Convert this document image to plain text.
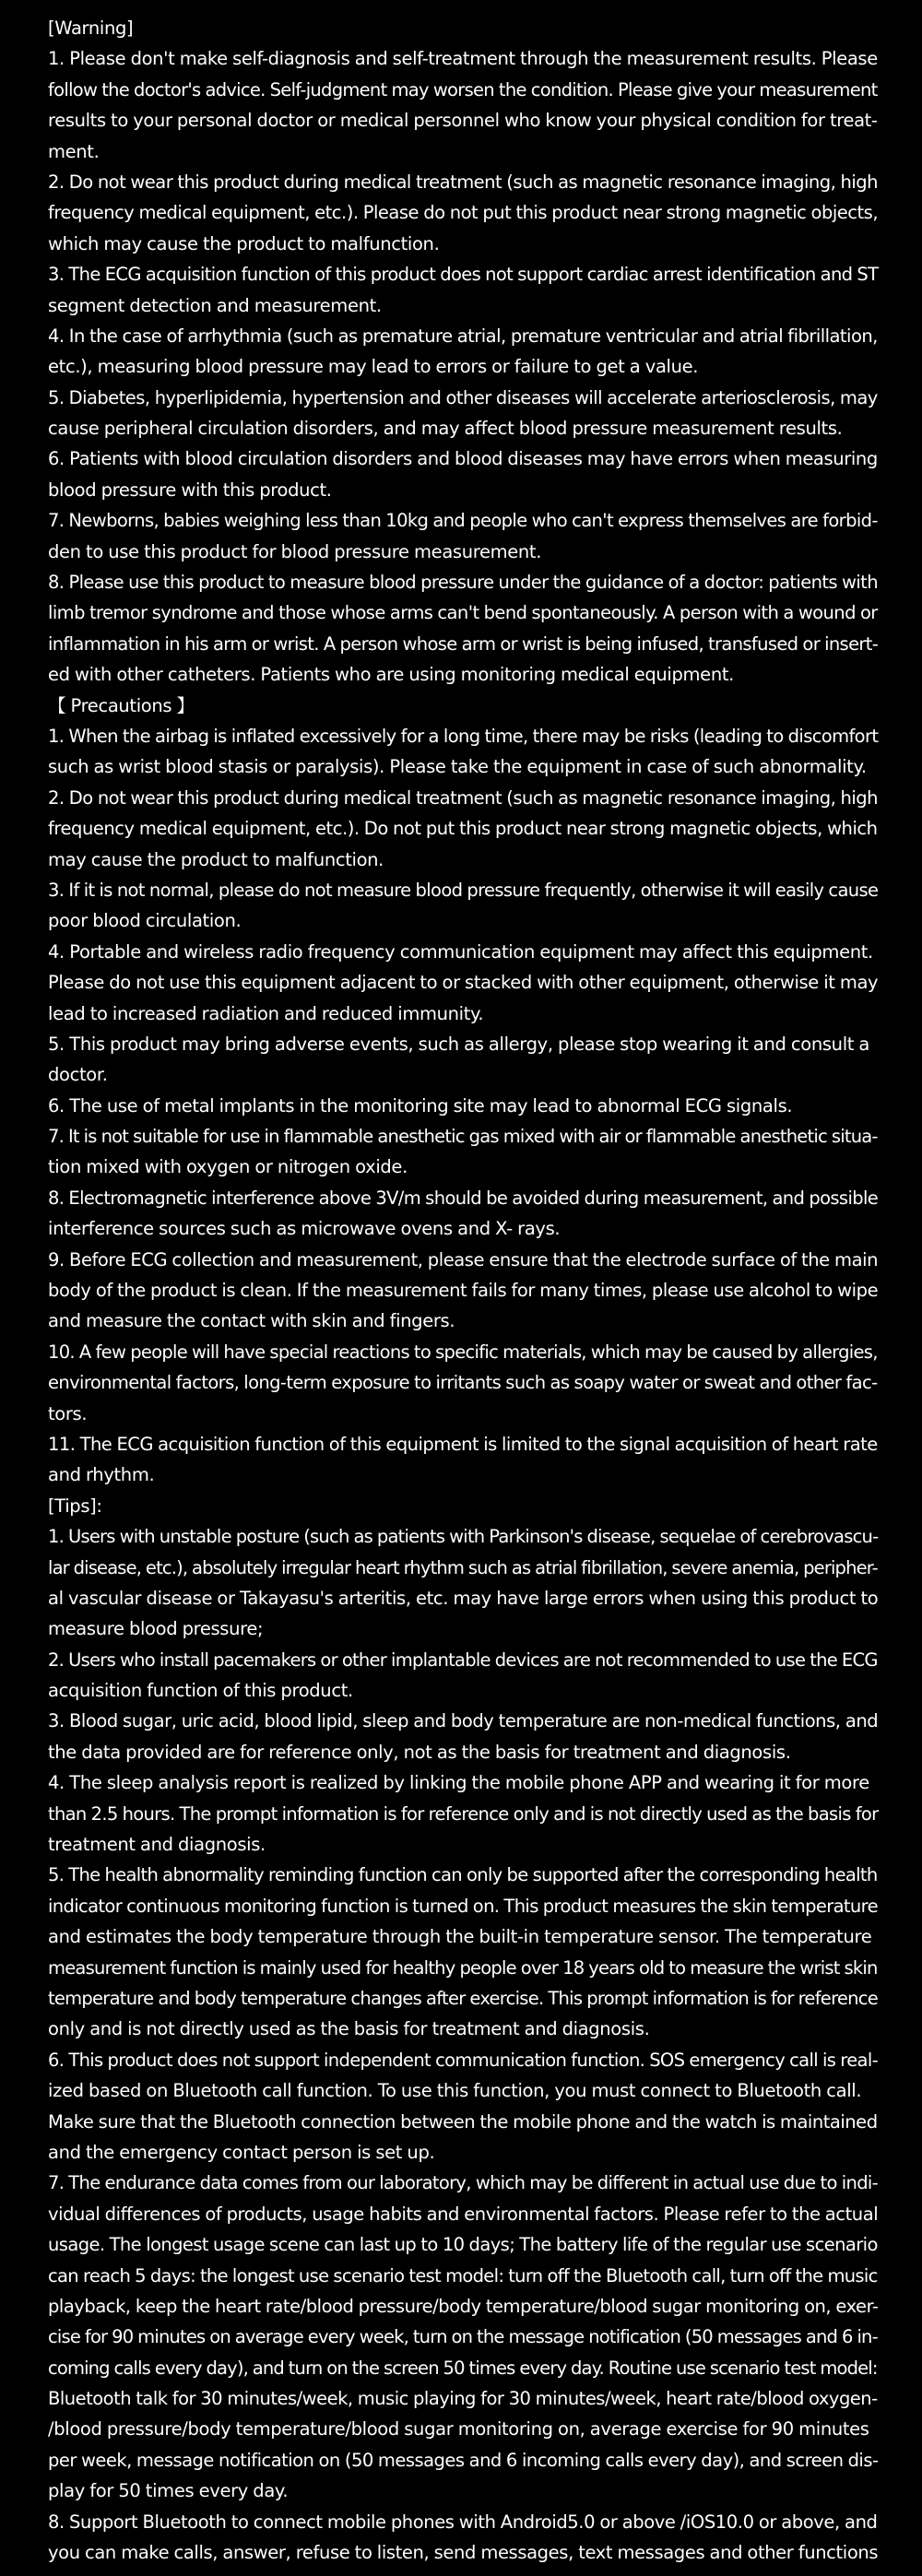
[Warning]
1. Please don't make self-diagnosis and self-treatment through the measurement results. Please
follow the doctor's advice. Self-judgment may worsen the condition. Please give your measurement
results to your personal doctor or medical personnel who know your physical condition for treat-
ment.
2. Do not wear this product during medical treatment (such as magnetic resonance imaging, high
frequency medical equipment, etc.). Please do not put this product near strong magnetic objects,
which may cause the product to malfunction.
3. The ECG acquisition function of this product does not support cardiac arrest identification and ST
segment detection and measurement.
4. In the case of arrhythmia (such as premature atrial, premature ventricular and atrial fibrillation,
etc.), measuring blood pressure may lead to errors or failure to get a value.
5. Diabetes, hyperlipidemia, hypertension and other diseases will accelerate arteriosclerosis, may
cause peripheral circulation disorders, and may affect blood pressure measurement results.
6. Patients with blood circulation disorders and blood diseases may have errors when measuring
blood pressure with this product.
7. Newborns, babies weighing less than 10kg and people who can't express themselves are forbid-
den to use this product for blood pressure measurement.
8. Please use this product to measure blood pressure under the guidance of a doctor: patients with
limb tremor syndrome and those whose arms can't bend spontaneously. A person with a wound or
inflammation in his arm or wrist. A person whose arm or wrist is being infused, transfused or insert-
ed with other catheters. Patients who are using monitoring medical equipment.
【 Precautions 】
1. When the airbag is inflated excessively for a long time, there may be risks (leading to discomfort
such as wrist blood stasis or paralysis). Please take the equipment in case of such abnormality.
2. Do not wear this product during medical treatment (such as magnetic resonance imaging, high
frequency medical equipment, etc.). Do not put this product near strong magnetic objects, which
may cause the product to malfunction.
3. If it is not normal, please do not measure blood pressure frequently, otherwise it will easily cause
poor blood circulation.
4. Portable and wireless radio frequency communication equipment may affect this equipment.
Please do not use this equipment adjacent to or stacked with other equipment, otherwise it may
lead to increased radiation and reduced immunity.
5. This product may bring adverse events, such as allergy, please stop wearing it and consult a
doctor.
6. The use of metal implants in the monitoring site may lead to abnormal ECG signals.
7. It is not suitable for use in flammable anesthetic gas mixed with air or flammable anesthetic situa-
tion mixed with oxygen or nitrogen oxide.
8. Electromagnetic interference above 3V/m should be avoided during measurement, and possible
interference sources such as microwave ovens and X- rays.
9. Before ECG collection and measurement, please ensure that the electrode surface of the main
body of the product is clean. If the measurement fails for many times, please use alcohol to wipe
and measure the contact with skin and fingers.
10. A few people will have special reactions to specific materials, which may be caused by allergies,
environmental factors, long-term exposure to irritants such as soapy water or sweat and other fac-
tors.
11. The ECG acquisition function of this equipment is limited to the signal acquisition of heart rate
and rhythm.
[Tips]:
1. Users with unstable posture (such as patients with Parkinson's disease, sequelae of cerebrovascu-
lar disease, etc.), absolutely irregular heart rhythm such as atrial fibrillation, severe anemia, peripher-
al vascular disease or Takayasu's arteritis, etc. may have large errors when using this product to
measure blood pressure;
2. Users who install pacemakers or other implantable devices are not recommended to use the ECG
acquisition function of this product.
3. Blood sugar, uric acid, blood lipid, sleep and body temperature are non-medical functions, and
the data provided are for reference only, not as the basis for treatment and diagnosis.
4. The sleep analysis report is realized by linking the mobile phone APP and wearing it for more
than 2.5 hours. The prompt information is for reference only and is not directly used as the basis for
treatment and diagnosis.
5. The health abnormality reminding function can only be supported after the corresponding health
indicator continuous monitoring function is turned on. This product measures the skin temperature
and estimates the body temperature through the built-in temperature sensor. The temperature
measurement function is mainly used for healthy people over 18 years old to measure the wrist skin
temperature and body temperature changes after exercise. This prompt information is for reference
only and is not directly used as the basis for treatment and diagnosis.
6. This product does not support independent communication function. SOS emergency call is real-
ized based on Bluetooth call function. To use this function, you must connect to Bluetooth call.
Make sure that the Bluetooth connection between the mobile phone and the watch is maintained
and the emergency contact person is set up.
7. The endurance data comes from our laboratory, which may be different in actual use due to indi-
vidual differences of products, usage habits and environmental factors. Please refer to the actual
usage. The longest usage scene can last up to 10 days; The battery life of the regular use scenario
can reach 5 days: the longest use scenario test model: turn off the Bluetooth call, turn off the music
playback, keep the heart rate/blood pressure/body temperature/blood sugar monitoring on, exer-
cise for 90 minutes on average every week, turn on the message notification (50 messages and 6 in-
coming calls every day), and turn on the screen 50 times every day. Routine use scenario test model:
Bluetooth talk for 30 minutes/week, music playing for 30 minutes/week, heart rate/blood oxygen-
/blood pressure/body temperature/blood sugar monitoring on, average exercise for 90 minutes
per week, message notification on (50 messages and 6 incoming calls every day), and screen dis-
play for 50 times every day.
8. Support Bluetooth to connect mobile phones with Android5.0 or above /iOS10.0 or above, and
you can make calls, answer, refuse to listen, send messages, text messages and other functions
